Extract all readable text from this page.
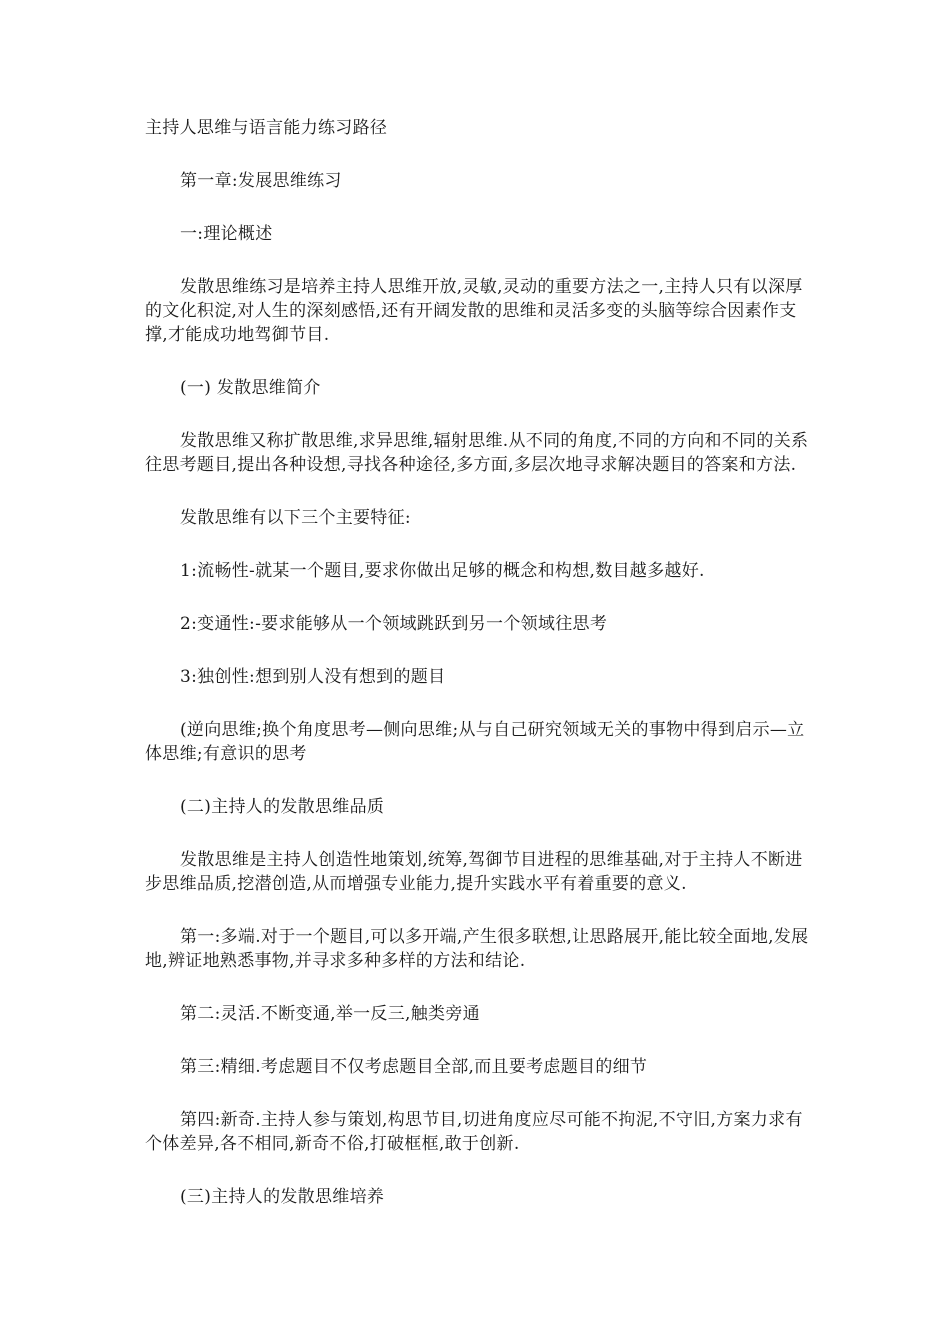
主持人思维与语言能力练习路径

第一章:发展思维练习

一:理论概述

发散思维练习是培养主持人思维开放,灵敏,灵动的重要方法之一,主持人只有以深厚的文化积淀,对人生的深刻感悟,还有开阔发散的思维和灵活多变的头脑等综合因素作支撑,才能成功地驾御节目.

(一) 发散思维简介

发散思维又称扩散思维,求异思维,辐射思维.从不同的角度,不同的方向和不同的关系往思考题目,提出各种设想,寻找各种途径,多方面,多层次地寻求解决题目的答案和方法.

发散思维有以下三个主要特征:

1:流畅性-就某一个题目,要求你做出足够的概念和构想,数目越多越好.

2:变通性:-要求能够从一个领域跳跃到另一个领域往思考

3:独创性:想到别人没有想到的题目

(逆向思维;换个角度思考—侧向思维;从与自己研究领域无关的事物中得到启示—立体思维;有意识的思考

(二)主持人的发散思维品质

发散思维是主持人创造性地策划,统筹,驾御节目进程的思维基础,对于主持人不断进步思维品质,挖潜创造,从而增强专业能力,提升实践水平有着重要的意义.

第一:多端.对于一个题目,可以多开端,产生很多联想,让思路展开,能比较全面地,发展地,辨证地熟悉事物,并寻求多种多样的方法和结论.

第二:灵活.不断变通,举一反三,触类旁通

第三:精细.考虑题目不仅考虑题目全部,而且要考虑题目的细节

第四:新奇.主持人参与策划,构思节目,切进角度应尽可能不拘泥,不守旧,方案力求有个体差异,各不相同,新奇不俗,打破框框,敢于创新.

(三)主持人的发散思维培养
